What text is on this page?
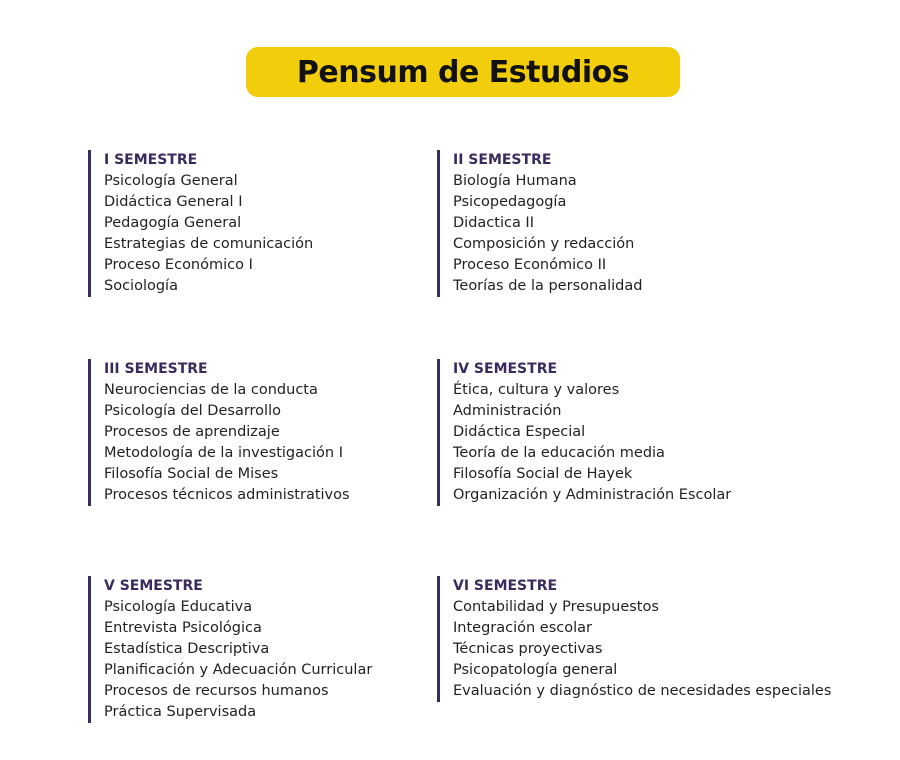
Pensum de Estudios
I SEMESTRE
Psicología General
Didáctica General I
Pedagogía General
Estrategias de comunicación
Proceso Económico I
Sociología
II SEMESTRE
Biología Humana
Psicopedagogía
Didactica II
Composición y redacción
Proceso Económico II
Teorías de la personalidad
III SEMESTRE
Neurociencias de la conducta
Psicología del Desarrollo
Procesos de aprendizaje
Metodología de la investigación I
Filosofía Social de Mises
Procesos técnicos administrativos
IV SEMESTRE
Ética, cultura y valores
Administración
Didáctica Especial
Teoría de la educación media
Filosofía Social de Hayek
Organización y Administración Escolar
V SEMESTRE
Psicología Educativa
Entrevista Psicológica
Estadística Descriptiva
Planificación y Adecuación Curricular
Procesos de recursos humanos
Práctica Supervisada
VI SEMESTRE
Contabilidad y Presupuestos
Integración escolar
Técnicas proyectivas
Psicopatología general
Evaluación y diagnóstico de necesidades especiales
